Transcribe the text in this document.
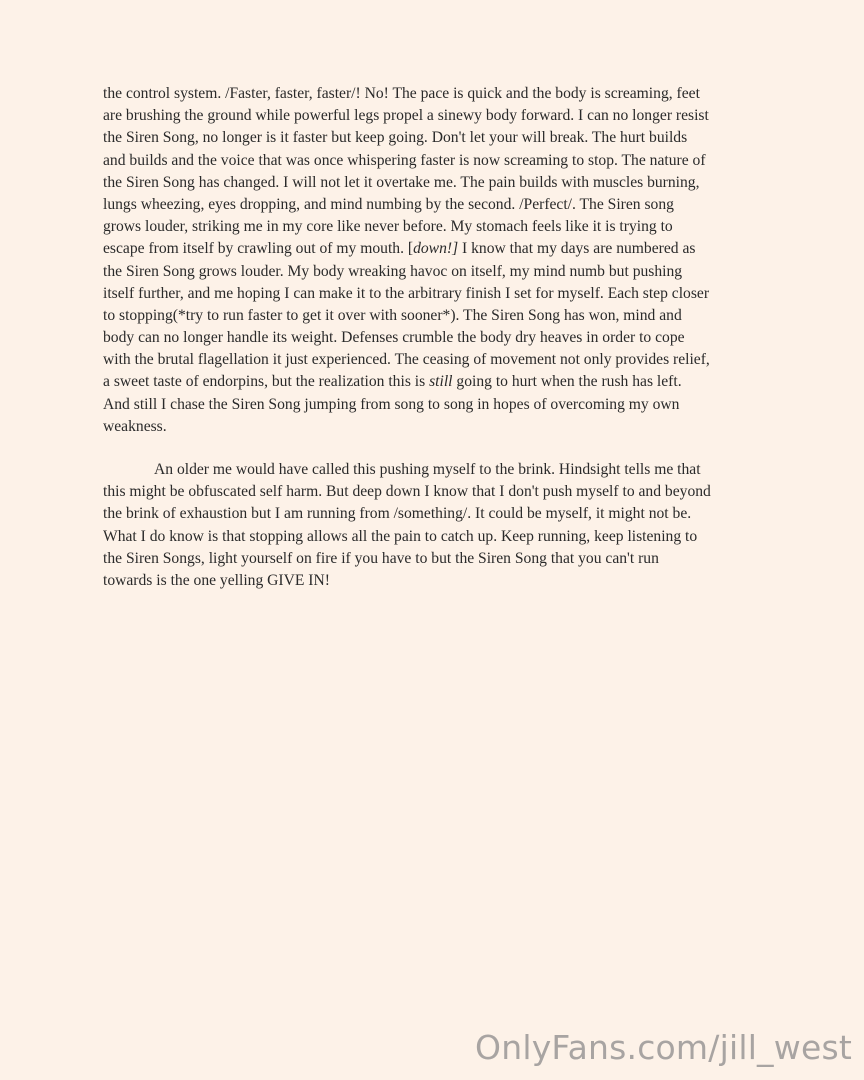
the control system. /Faster, faster, faster/! No! The pace is quick and the body is screaming, feet
are brushing the ground while powerful legs propel a sinewy body forward. I can no longer resist
the Siren Song, no longer is it faster but keep going. Don't let your will break. The hurt builds
and builds and the voice that was once whispering faster is now screaming to stop. The nature of
the Siren Song has changed. I will not let it overtake me. The pain builds with muscles burning,
lungs wheezing, eyes dropping, and mind numbing by the second. /Perfect/. The Siren song
grows louder, striking me in my core like never before. My stomach feels like it is trying to
escape from itself by crawling out of my mouth. [down!] I know that my days are numbered as
the Siren Song grows louder. My body wreaking havoc on itself, my mind numb but pushing
itself further, and me hoping I can make it to the arbitrary finish I set for myself. Each step closer
to stopping(*try to run faster to get it over with sooner*). The Siren Song has won, mind and
body can no longer handle its weight. Defenses crumble the body dry heaves in order to cope
with the brutal flagellation it just experienced. The ceasing of movement not only provides relief,
a sweet taste of endorpins, but the realization this is still going to hurt when the rush has left.
And still I chase the Siren Song jumping from song to song in hopes of overcoming my own
weakness.
An older me would have called this pushing myself to the brink. Hindsight tells me that
this might be obfuscated self harm. But deep down I know that I don't push myself to and beyond
the brink of exhaustion but I am running from /something/. It could be myself, it might not be.
What I do know is that stopping allows all the pain to catch up. Keep running, keep listening to
the Siren Songs, light yourself on fire if you have to but the Siren Song that you can't run
towards is the one yelling GIVE IN!
OnlyFans.com/jill_west
